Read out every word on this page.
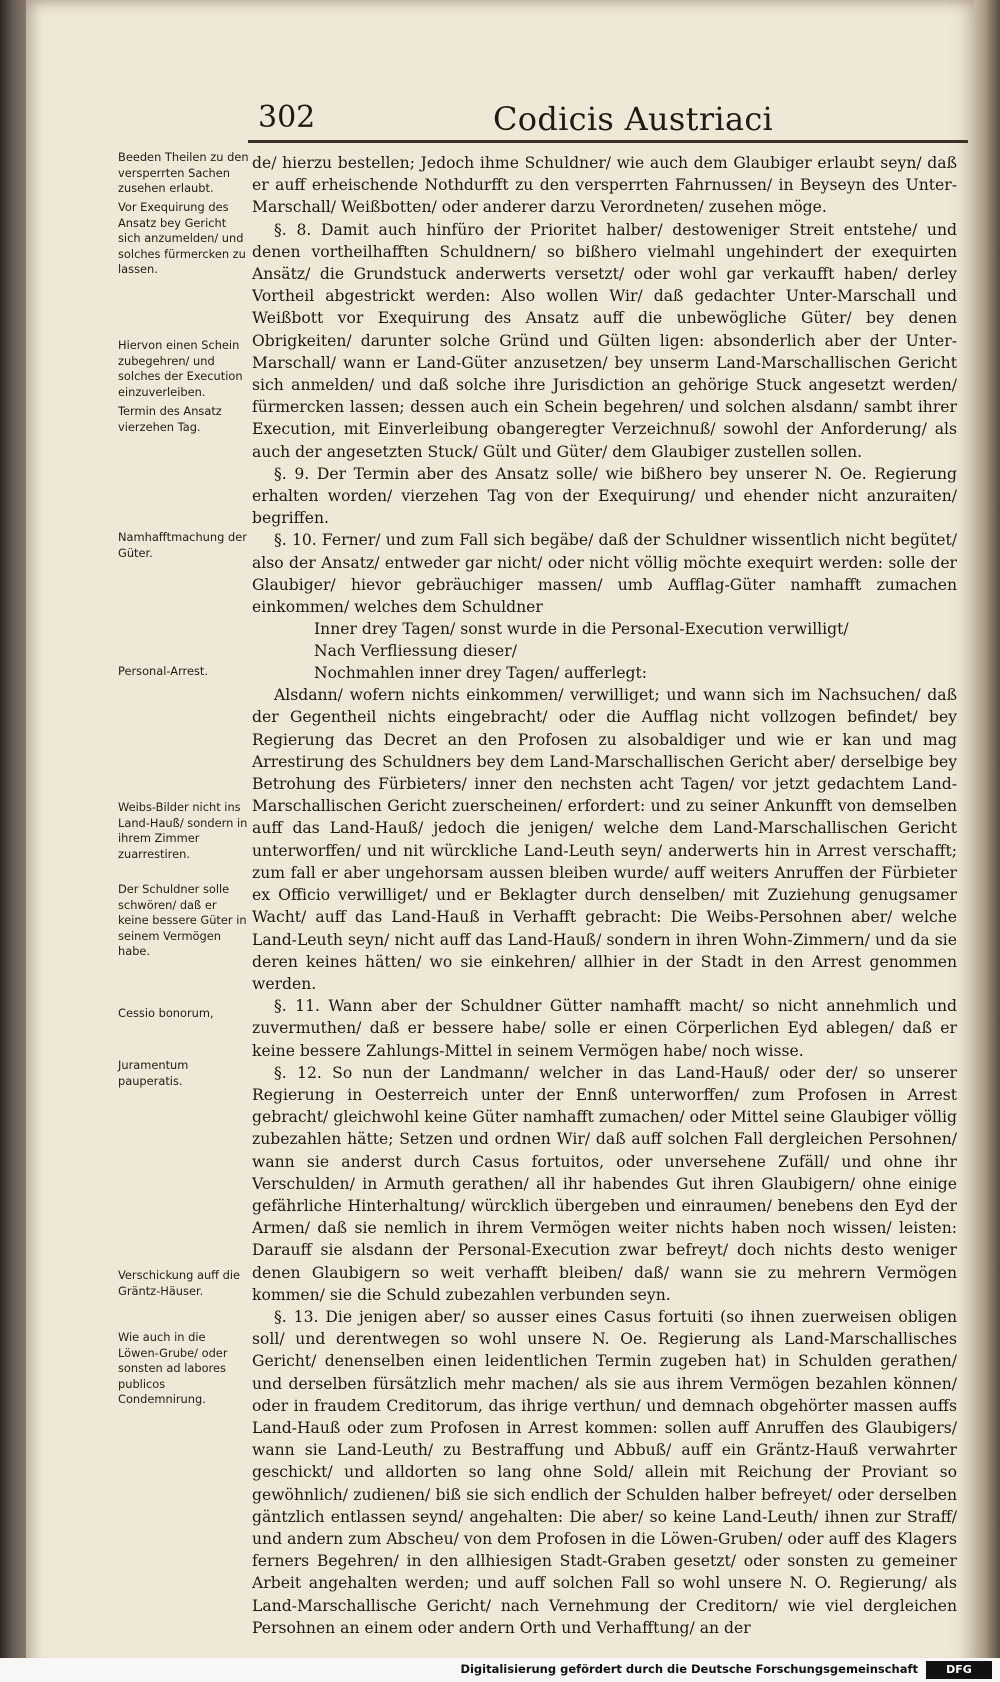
302	Codicis Austriaci
Beeden Theilen zu den versperrten Sachen zusehen erlaubt.
Vor Exequirung des Ansatz bey Gericht sich anzumelden/ und solches fürmercken zu lassen.
Hiervon einen Schein zubegehren/ und solches der Execution einzuverleiben.
Termin des Ansatz vierzehen Tag.
Namhafftmachung der Güter.
Personal-Arrest.
Weibs-Bilder nicht ins Land-Hauß/ sondern in ihrem Zimmer zuarrestiren.
Der Schuldner solle schwören/ daß er keine bessere Güter in seinem Vermögen habe.
Cessio bonorum,
Juramentum pauperatis.
Verschickung auff die Gräntz-Häuser.
Wie auch in die Löwen-Grube/ oder sonsten ad labores publicos Condemnirung.

de/ hierzu bestellen; Jedoch ihme Schuldner/ wie auch dem Glaubiger erlaubt seyn/ daß er auff erheischende Nothdurfft zu den versperrten Fahrnussen/ in Beyseyn des Unter-Marschall/ Weißbotten/ oder anderer darzu Verordneten/ zusehen möge.

§. 8. Damit auch hinfüro der Prioritet halber/ destoweniger Streit entstehe/ und denen vortheilhafften Schuldnern/ so bißhero vielmahl ungehindert der exequirten Ansätz/ die Grundstuck anderwerts versetzt/ oder wohl gar verkaufft haben/ derley Vortheil abgestrickt werden: Also wollen Wir/ daß gedachter Unter-Marschall und Weißbott vor Exequirung des Ansatz auff die unbewögliche Güter/ bey denen Obrigkeiten/ darunter solche Gründ und Gülten ligen: absonderlich aber der Unter-Marschall/ wann er Land-Güter anzusetzen/ bey unserm Land-Marschallischen Gericht sich anmelden/ und daß solche ihre Jurisdiction an gehörige Stuck angesetzt werden/ fürmercken lassen; dessen auch ein Schein begehren/ und solchen alsdann/ sambt ihrer Execution, mit Einverleibung obangeregter Verzeichnuß/ sowohl der Anforderung/ als auch der angesetzten Stuck/ Gült und Güter/ dem Glaubiger zustellen sollen.

§. 9. Der Termin aber des Ansatz solle/ wie bißhero bey unserer N. Oe. Regierung erhalten worden/ vierzehen Tag von der Exequirung/ und ehender nicht anzuraiten/ begriffen.

§. 10. Ferner/ und zum Fall sich begäbe/ daß der Schuldner wissentlich nicht begütet/ also der Ansatz/ entweder gar nicht/ oder nicht völlig möchte exequirt werden: solle der Glaubiger/ hievor gebräuchiger massen/ umb Aufflag-Güter namhafft zumachen einkommen/ welches dem Schuldner

Inner drey Tagen/ sonst wurde in die Personal-Execution verwilligt/
Nach Verfliessung dieser/
Nochmahlen inner drey Tagen/ aufferlegt:

Alsdann/ wofern nichts einkommen/ verwilliget; und wann sich im Nachsuchen/ daß der Gegentheil nichts eingebracht/ oder die Aufflag nicht vollzogen befindet/ bey Regierung das Decret an den Profosen zu alsobaldiger und wie er kan und mag Arrestirung des Schuldners bey dem Land-Marschallischen Gericht aber/ derselbige bey Betrohung des Fürbieters/ inner den nechsten acht Tagen/ vor jetzt gedachtem Land-Marschallischen Gericht zuerscheinen/ erfordert: und zu seiner Ankunfft von demselben auff das Land-Hauß/ jedoch die jenigen/ welche dem Land-Marschallischen Gericht unterworffen/ und nit würckliche Land-Leuth seyn/ anderwerts hin in Arrest verschafft; zum fall er aber ungehorsam aussen bleiben wurde/ auff weiters Anruffen der Fürbieter ex Officio verwilliget/ und er Beklagter durch denselben/ mit Zuziehung genugsamer Wacht/ auff das Land-Hauß in Verhafft gebracht: Die Weibs-Persohnen aber/ welche Land-Leuth seyn/ nicht auff das Land-Hauß/ sondern in ihren Wohn-Zimmern/ und da sie deren keines hätten/ wo sie einkehren/ allhier in der Stadt in den Arrest genommen werden.

§. 11. Wann aber der Schuldner Gütter namhafft macht/ so nicht annehmlich und zuvermuthen/ daß er bessere habe/ solle er einen Cörperlichen Eyd ablegen/ daß er keine bessere Zahlungs-Mittel in seinem Vermögen habe/ noch wisse.

§. 12. So nun der Landmann/ welcher in das Land-Hauß/ oder der/ so unserer Regierung in Oesterreich unter der Ennß unterworffen/ zum Profosen in Arrest gebracht/ gleichwohl keine Güter namhafft zumachen/ oder Mittel seine Glaubiger völlig zubezahlen hätte; Setzen und ordnen Wir/ daß auff solchen Fall dergleichen Persohnen/ wann sie anderst durch Casus fortuitos, oder unversehene Zufäll/ und ohne ihr Verschulden/ in Armuth gerathen/ all ihr habendes Gut ihren Glaubigern/ ohne einige gefährliche Hinterhaltung/ würcklich übergeben und einraumen/ benebens den Eyd der Armen/ daß sie nemlich in ihrem Vermögen weiter nichts haben noch wissen/ leisten: Darauff sie alsdann der Personal-Execution zwar befreyt/ doch nichts desto weniger denen Glaubigern so weit verhafft bleiben/ daß/ wann sie zu mehrern Vermögen kommen/ sie die Schuld zubezahlen verbunden seyn.

§. 13. Die jenigen aber/ so ausser eines Casus fortuiti (so ihnen zuerweisen obligen soll/ und derentwegen so wohl unsere N. Oe. Regierung als Land-Marschallisches Gericht/ denenselben einen leidentlichen Termin zugeben hat) in Schulden gerathen/ und derselben fürsätzlich mehr machen/ als sie aus ihrem Vermögen bezahlen können/ oder in fraudem Creditorum, das ihrige verthun/ und demnach obgehörter massen auffs Land-Hauß oder zum Profosen in Arrest kommen: sollen auff Anruffen des Glaubigers/ wann sie Land-Leuth/ zu Bestraffung und Abbuß/ auff ein Gräntz-Hauß verwahrter geschickt/ und alldorten so lang ohne Sold/ allein mit Reichung der Proviant so gewöhnlich/ zudienen/ biß sie sich endlich der Schulden halber befreyet/ oder derselben gäntzlich entlassen seynd/ angehalten: Die aber/ so keine Land-Leuth/ ihnen zur Straff/ und andern zum Abscheu/ von dem Profosen in die Löwen-Gruben/ oder auff des Klagers ferners Begehren/ in den allhiesigen Stadt-Graben gesetzt/ oder sonsten zu gemeiner Arbeit angehalten werden; und auff solchen Fall so wohl unsere N. O. Regierung/ als Land-Marschallische Gericht/ nach Vernehmung der Creditorn/ wie viel dergleichen Persohnen an einem oder andern Orth und Verhafftung/ an der

Digitalisierung gefördert durch die Deutsche Forschungsgemeinschaft	DFG
